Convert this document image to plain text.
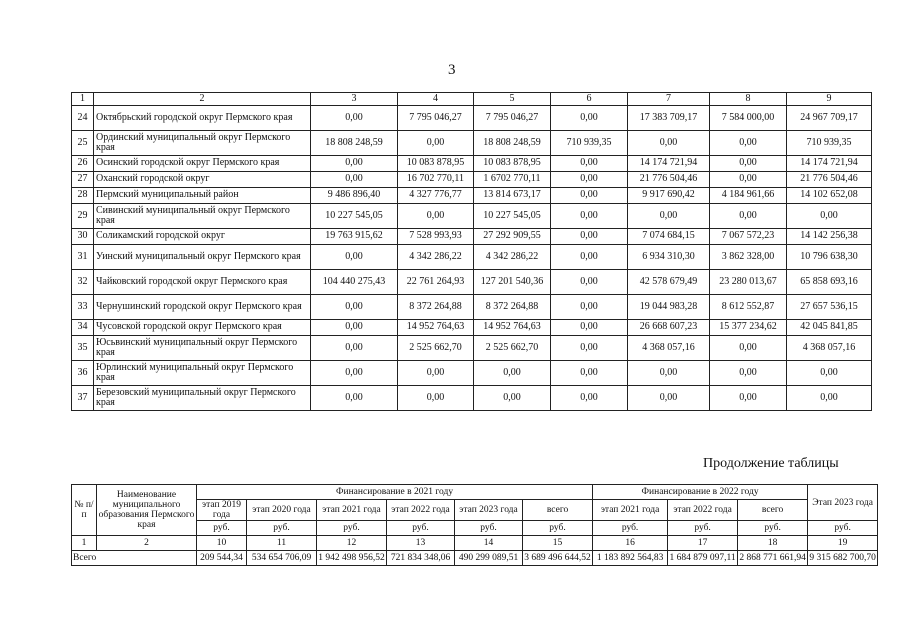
3
1	2	3	4	5	6	7	8	9
24	Октябрьский городской округ Пермского края	0,00	7 795 046,27	7 795 046,27	0,00	17 383 709,17	7 584 000,00	24 967 709,17
25	Ординский муниципальный округ Пермского края	18 808 248,59	0,00	18 808 248,59	710 939,35	0,00	0,00	710 939,35
26	Осинский городской округ Пермского края	0,00	10 083 878,95	10 083 878,95	0,00	14 174 721,94	0,00	14 174 721,94
27	Оханский городской округ	0,00	16 702 770,11	1 6702 770,11	0,00	21 776 504,46	0,00	21 776 504,46
28	Пермский муниципальный район	9 486 896,40	4 327 776,77	13 814 673,17	0,00	9 917 690,42	4 184 961,66	14 102 652,08
29	Сивинский муниципальный округ Пермского края	10 227 545,05	0,00	10 227 545,05	0,00	0,00	0,00	0,00
30	Соликамский городской округ	19 763 915,62	7 528 993,93	27 292 909,55	0,00	7 074 684,15	7 067 572,23	14 142 256,38
31	Уинский муниципальный округ Пермского края	0,00	4 342 286,22	4 342 286,22	0,00	6 934 310,30	3 862 328,00	10 796 638,30
32	Чайковский городской округ Пермского края	104 440 275,43	22 761 264,93	127 201 540,36	0,00	42 578 679,49	23 280 013,67	65 858 693,16
33	Чернушинский городской округ Пермского края	0,00	8 372 264,88	8 372 264,88	0,00	19 044 983,28	8 612 552,87	27 657 536,15
34	Чусовской городской округ Пермского края	0,00	14 952 764,63	14 952 764,63	0,00	26 668 607,23	15 377 234,62	42 045 841,85
35	Юсьвинский муниципальный округ Пермского края	0,00	2 525 662,70	2 525 662,70	0,00	4 368 057,16	0,00	4 368 057,16
36	Юрлинский муниципальный округ Пермского края	0,00	0,00	0,00	0,00	0,00	0,00	0,00
37	Березовский муниципальный округ Пермского края	0,00	0,00	0,00	0,00	0,00	0,00	0,00
Продолжение таблицы
№ п/п	Наименование муниципального образования Пермского края	Финансирование в 2021 году						Финансирование в 2022 году			Этап 2023 года
		этап 2019 года	этап 2020 года	этап 2021 года	этап 2022 года	этап 2023 года	всего	этап 2021 года	этап 2022 года	всего	
		руб.	руб.	руб.	руб.	руб.	руб.	руб.	руб.	руб.	руб.
1	2	10	11	12	13	14	15	16	17	18	19
Всего		209 544,34	534 654 706,09	1 942 498 956,52	721 834 348,06	490 299 089,51	3 689 496 644,52	1 183 892 564,83	1 684 879 097,11	2 868 771 661,94	9 315 682 700,70
